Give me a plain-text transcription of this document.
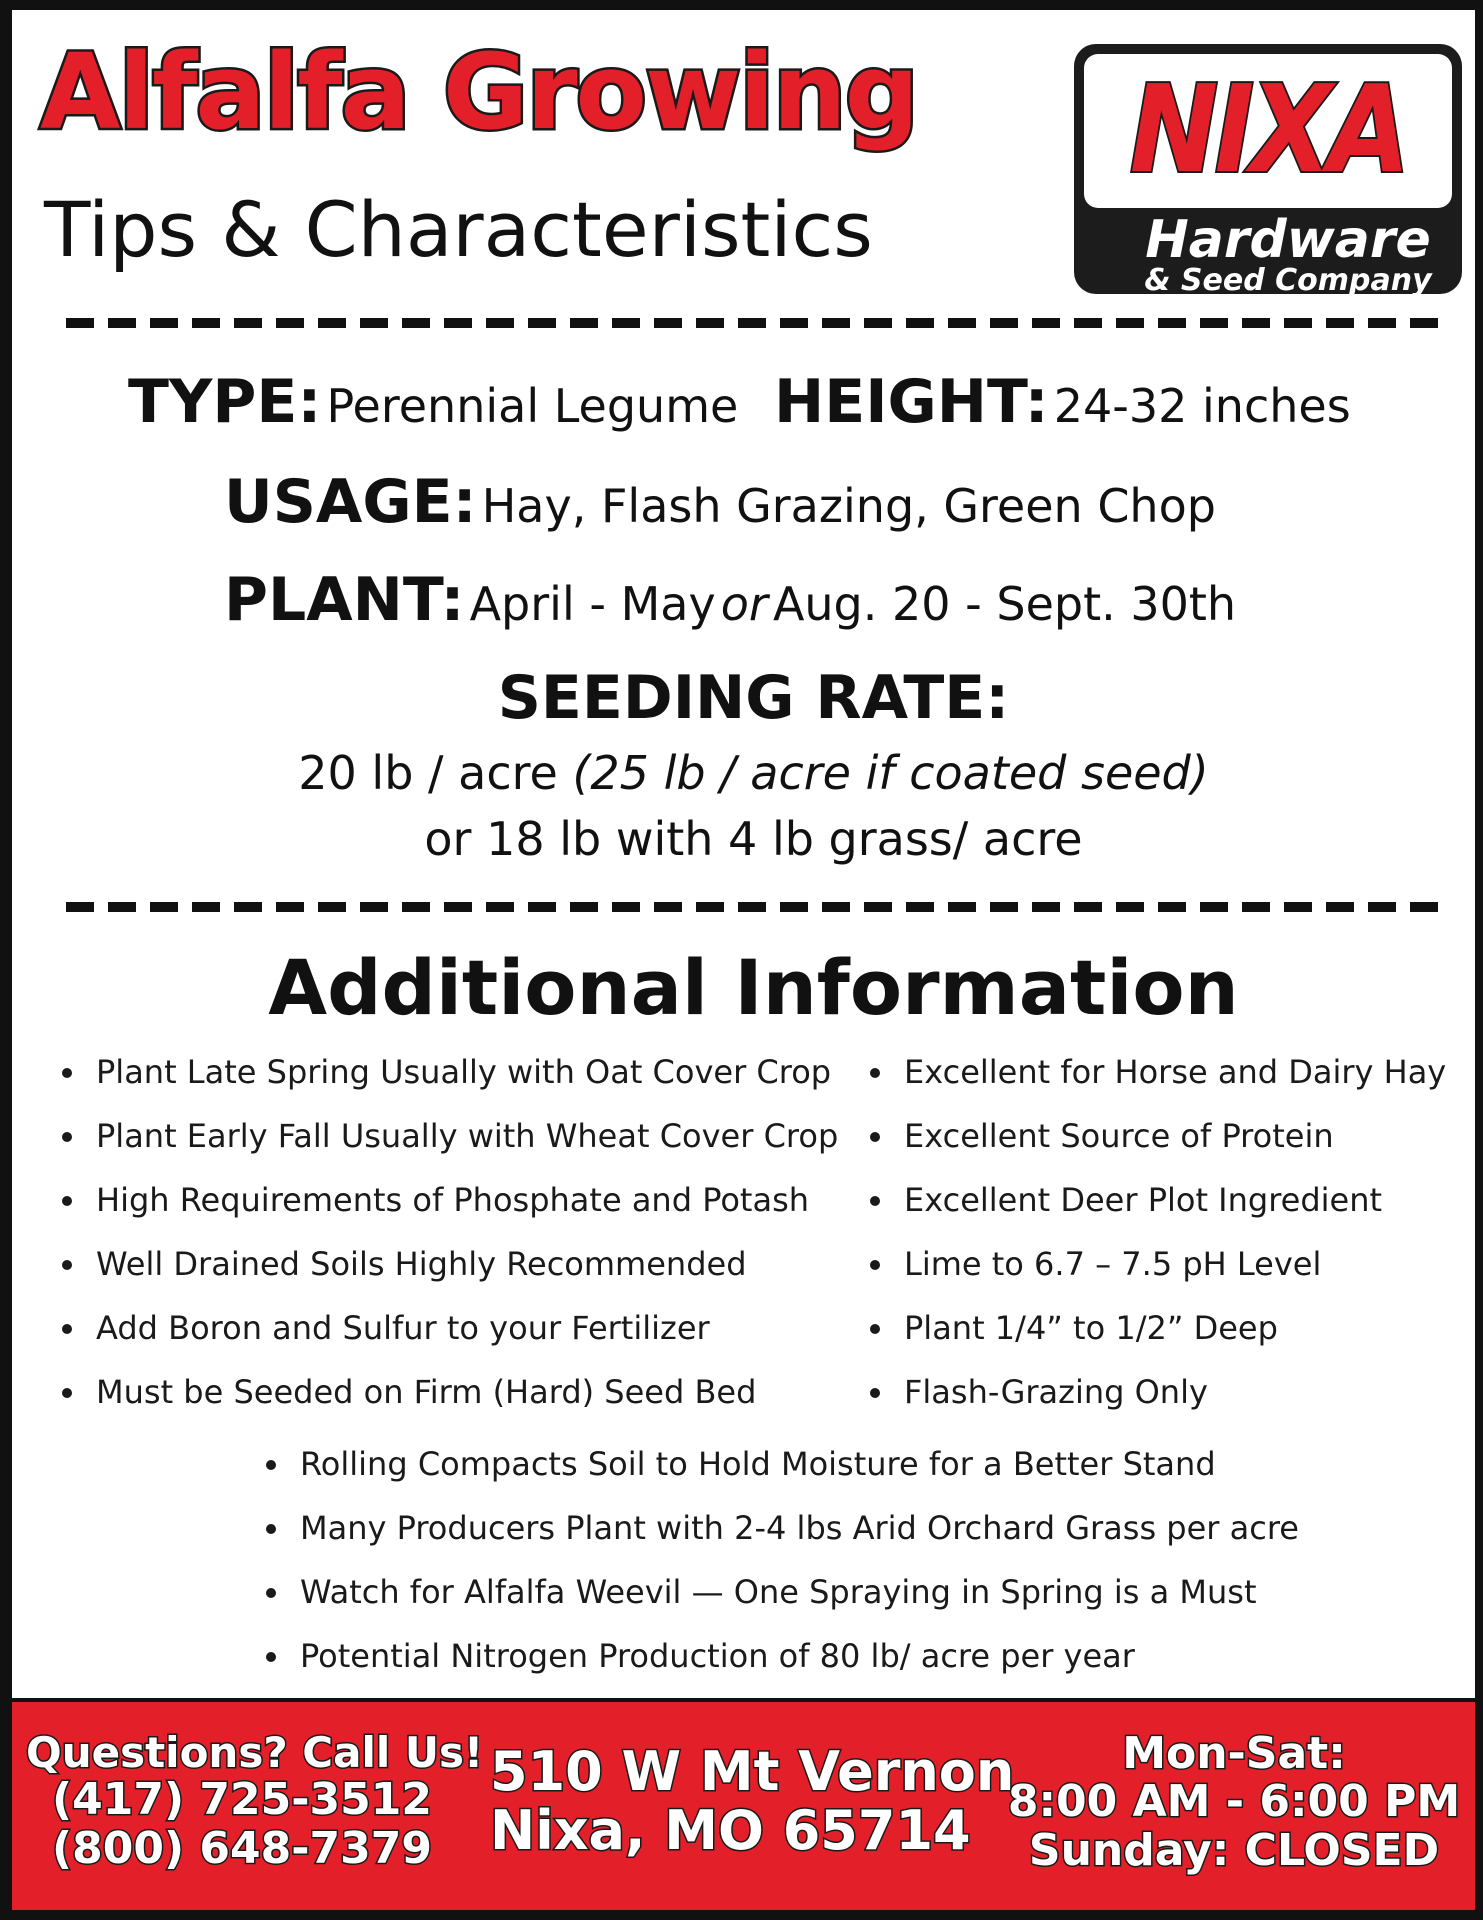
Alfalfa Growing
Tips & Characteristics
NIXA
Hardware
& Seed Company
TYPE: Perennial Legume HEIGHT: 24-32 inches
USAGE: Hay, Flash Grazing, Green Chop
PLANT: April - May or Aug. 20 - Sept. 30th
SEEDING RATE:
20 lb / acre (25 lb / acre if coated seed)
or 18 lb with 4 lb grass/ acre
Additional Information
Plant Late Spring Usually with Oat Cover Crop
Plant Early Fall Usually with Wheat Cover Crop
High Requirements of Phosphate and Potash
Well Drained Soils Highly Recommended
Add Boron and Sulfur to your Fertilizer
Must be Seeded on Firm (Hard) Seed Bed
Excellent for Horse and Dairy Hay
Excellent Source of Protein
Excellent Deer Plot Ingredient
Lime to 6.7 – 7.5 pH Level
Plant 1/4” to 1/2” Deep
Flash-Grazing Only
Rolling Compacts Soil to Hold Moisture for a Better Stand
Many Producers Plant with 2-4 lbs Arid Orchard Grass per acre
Watch for Alfalfa Weevil — One Spraying in Spring is a Must
Potential Nitrogen Production of 80 lb/ acre per year
Questions? Call Us!
(417) 725-3512
(800) 648-7379
510 W Mt Vernon
Nixa, MO 65714
Mon-Sat:
8:00 AM - 6:00 PM
Sunday: CLOSED
